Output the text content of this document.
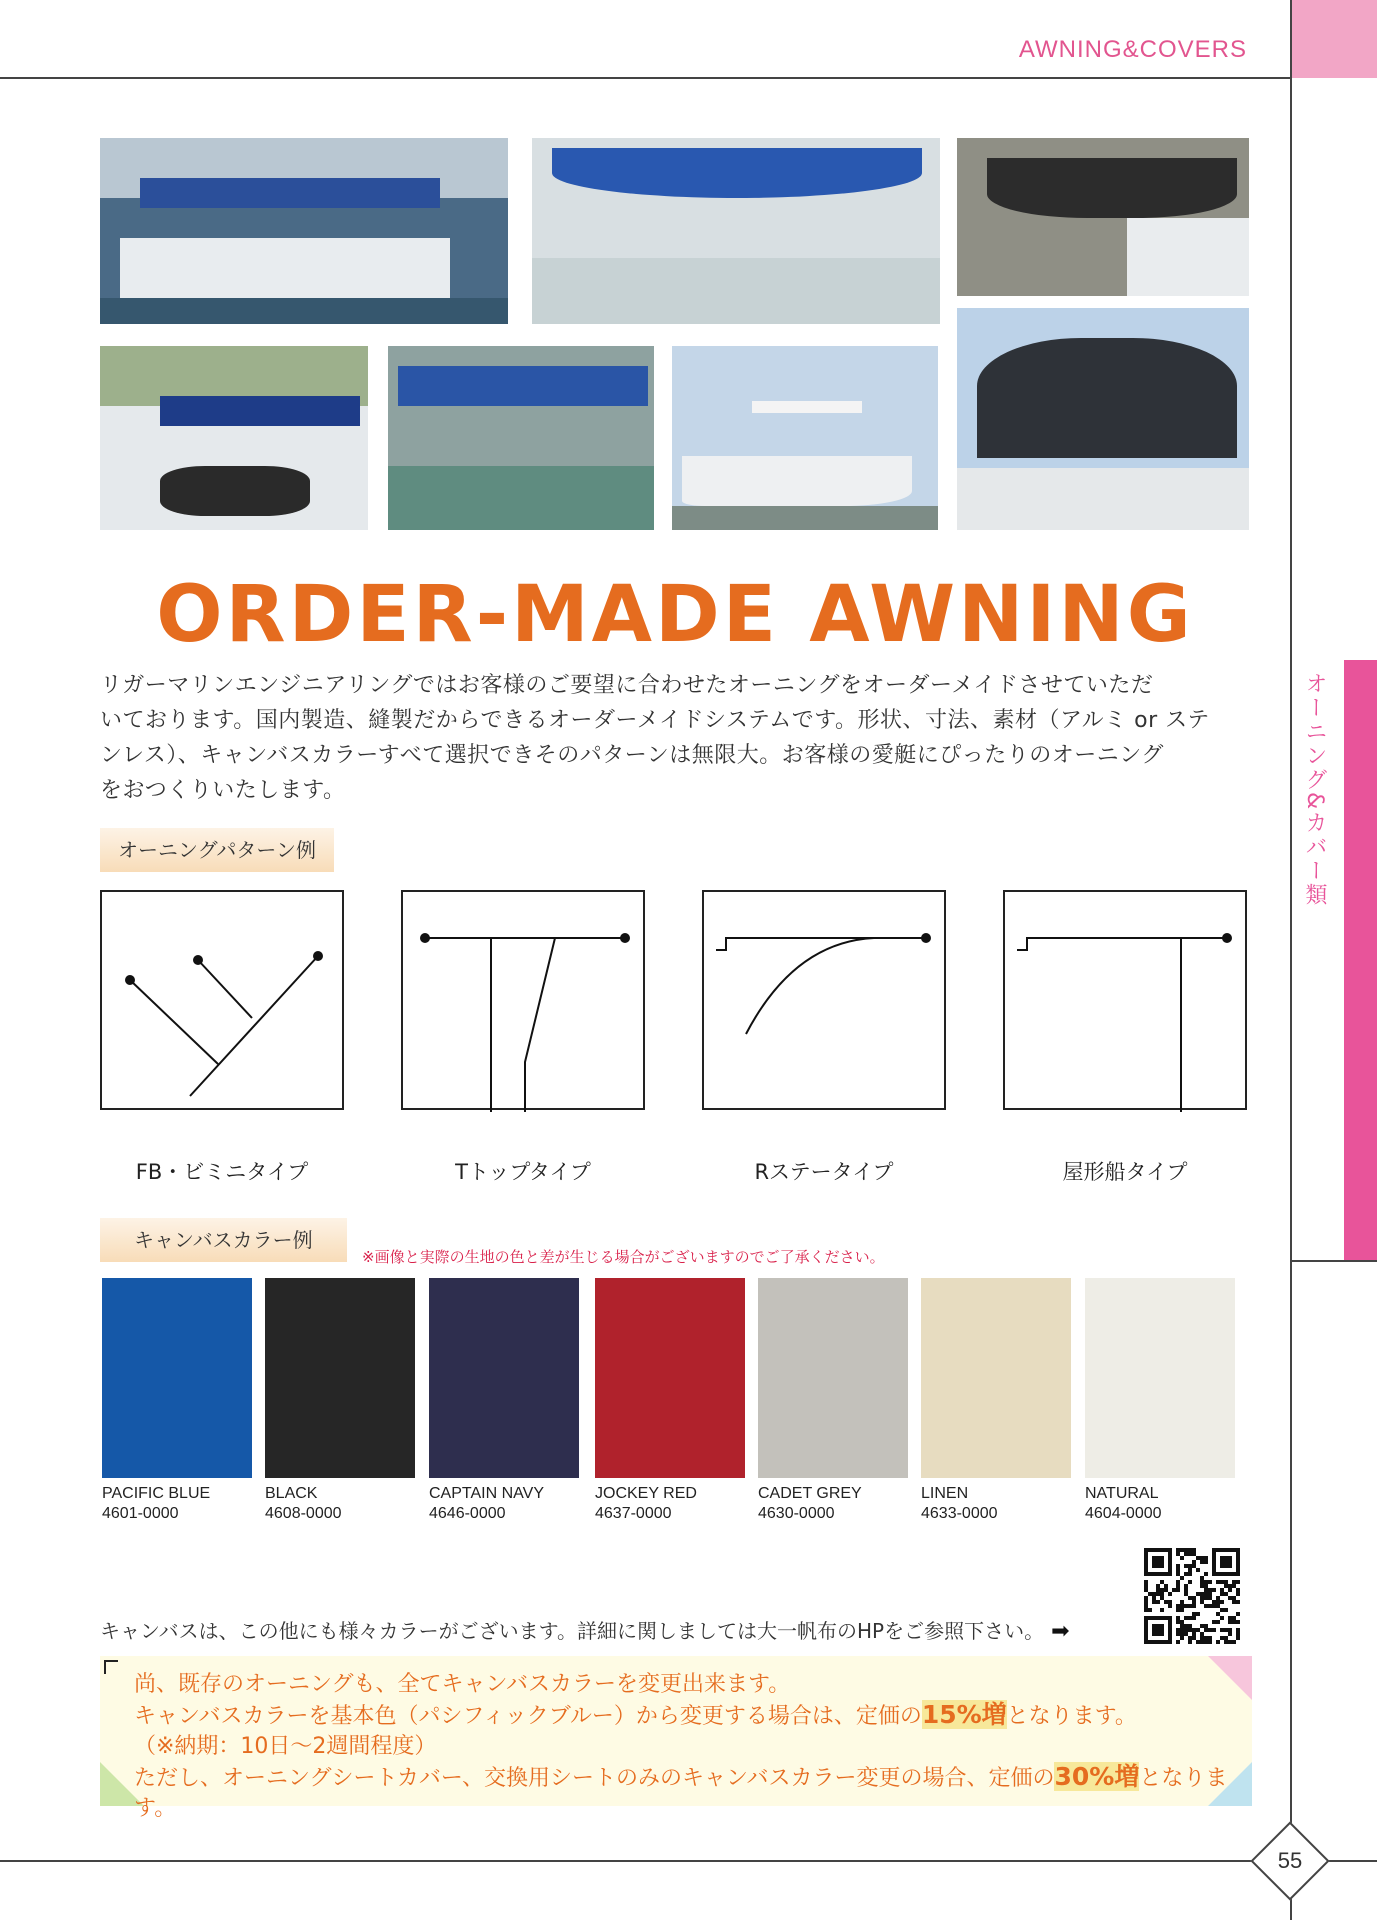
AWNING&COVERS
オーニング&カバー類
ORDER-MADE AWNING
リガーマリンエンジニアリングではお客様のご要望に合わせたオーニングをオーダーメイドさせていただ
いております。国内製造、縫製だからできるオーダーメイドシステムです。形状、寸法、素材（アルミ or ステ
ンレス）、キャンバスカラーすべて選択できそのパターンは無限大。お客様の愛艇にぴったりのオーニング
をおつくりいたします。
オーニングパターン例
FB・ビミニタイプ	Tトップタイプ	Rステータイプ	屋形船タイプ
キャンバスカラー例
※画像と実際の生地の色と差が生じる場合がございますのでご了承ください。
PACIFIC BLUE
4601-0000
BLACK
4608-0000
CAPTAIN NAVY
4646-0000
JOCKEY RED
4637-0000
CADET GREY
4630-0000
LINEN
4633-0000
NATURAL
4604-0000
キャンバスは、この他にも様々カラーがございます。詳細に関しましては大一帆布のHPをご参照下さい。 ➡
尚、既存のオーニングも、全てキャンバスカラーを変更出来ます。
キャンバスカラーを基本色（パシフィックブルー）から変更する場合は、定価の15%増となります。
（※納期：10日～2週間程度）
ただし、オーニングシートカバー、交換用シートのみのキャンバスカラー変更の場合、定価の30%増となります。
55
